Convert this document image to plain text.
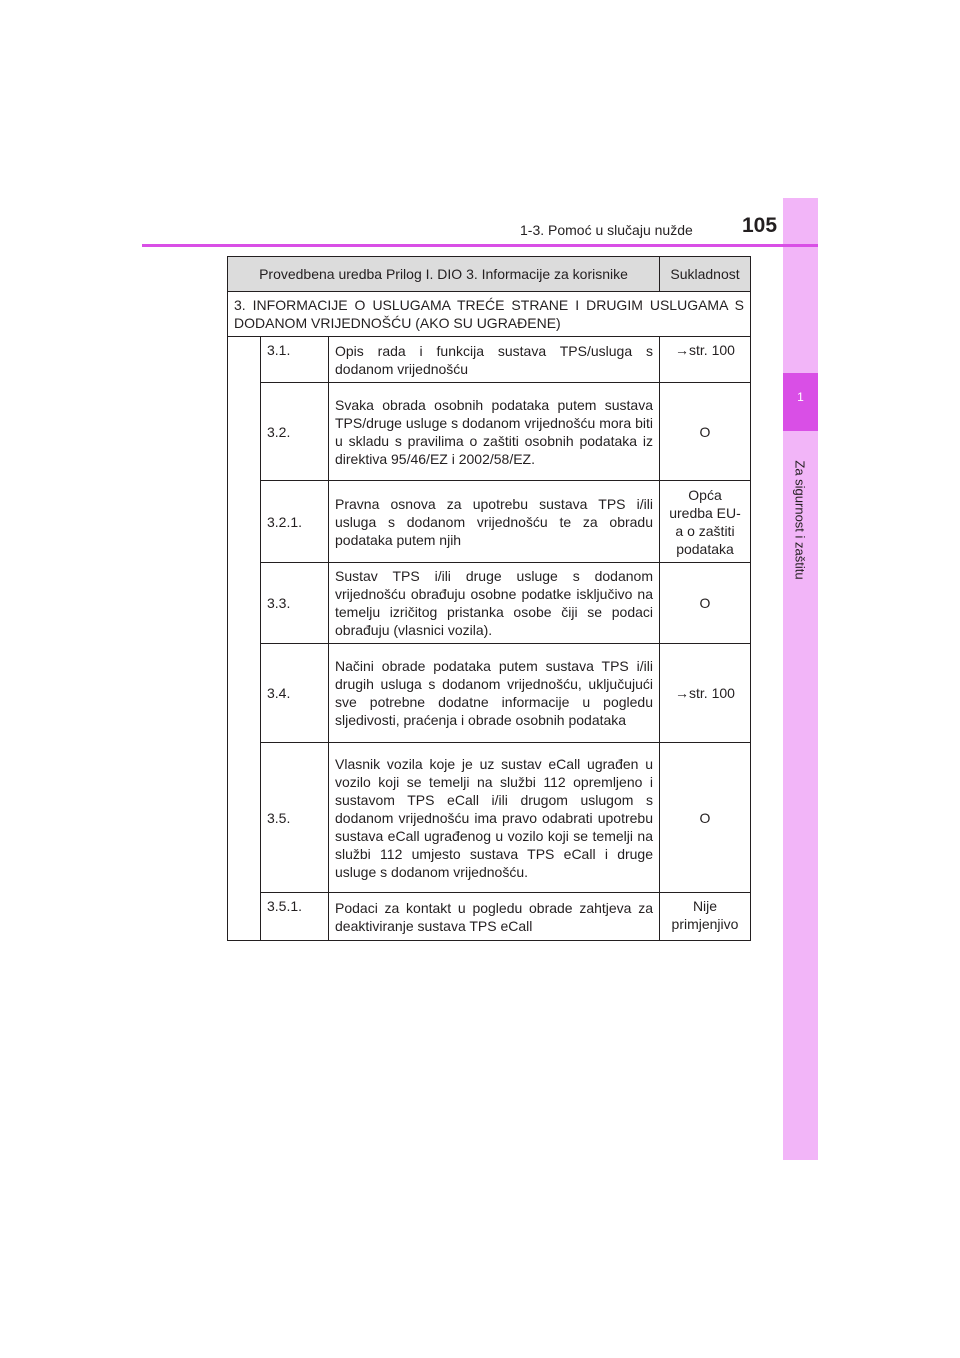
1
Za sigurnost i zaštitu
1-3. Pomoć u slučaju nužde 105
Provedbena uredba Prilog I. DIO 3. Informacije za korisnike			Sukladnost
3. INFORMACIJE O USLUGAMA TREĆE STRANE I DRUGIM USLUGAMA S DODANOM VRIJEDNOŠĆU (AKO SU UGRAĐENE)			
	3.1.	Opis rada i funkcija sustava TPS/usluga s dodanom vrijednošću	→str. 100
	3.2.	Svaka obrada osobnih podataka putem sustava TPS/druge usluge s dodanom vrijednošću mora biti u skladu s pravilima o zaštiti osobnih podataka iz direktiva 95/46/EZ i 2002/58/EZ.	O
	3.2.1.	Pravna osnova za upotrebu sustava TPS i/ili usluga s dodanom vrijednošću te za obradu podataka putem njih	Opća uredba EU-a o zaštiti podataka
	3.3.	Sustav TPS i/ili druge usluge s dodanom vrijednošću obrađuju osobne podatke isključivo na temelju izričitog pristanka osobe čiji se podaci obrađuju (vlasnici vozila).	O
	3.4.	Načini obrade podataka putem sustava TPS i/ili drugih usluga s dodanom vrijednošću, uključujući sve potrebne dodatne informacije u pogledu sljedivosti, praćenja i obrade osobnih podataka	→str. 100
	3.5.	Vlasnik vozila koje je uz sustav eCall ugrađen u vozilo koji se temelji na službi 112 opremljeno i sustavom TPS eCall i/ili drugom uslugom s dodanom vrijednošću ima pravo odabrati upotrebu sustava eCall ugrađenog u vozilo koji se temelji na službi 112 umjesto sustava TPS eCall i druge usluge s dodanom vrijednošću.	O
	3.5.1.	Podaci za kontakt u pogledu obrade zahtjeva za deaktiviranje sustava TPS eCall	Nije primjenjivo
